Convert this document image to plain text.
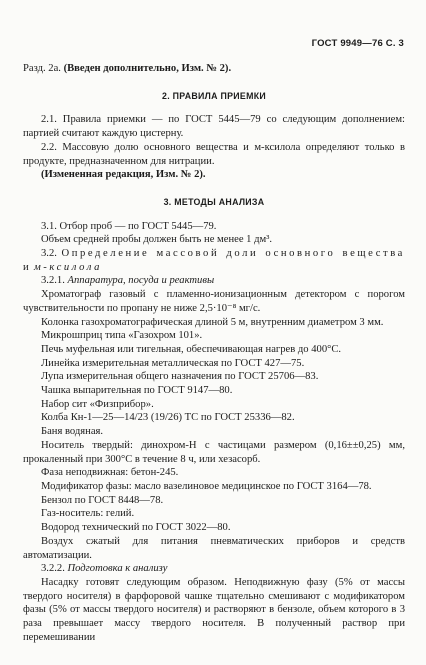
ГОСТ 9949—76 С. 3
Разд. 2а. (Введен дополнительно, Изм. № 2).
2. ПРАВИЛА ПРИЕМКИ
2.1. Правила приемки — по ГОСТ 5445—79 со следующим дополнением: партией считают каждую цистерну.
2.2. Массовую долю основного вещества и м-ксилола определяют только в продукте, предназначенном для нитрации.
(Измененная редакция, Изм. № 2).
3. МЕТОДЫ АНАЛИЗА
3.1. Отбор проб — по ГОСТ 5445—79.
Объем средней пробы должен быть не менее 1 дм³.
3.2. Определение массовой доли основного вещества и м-ксилола
3.2.1. Аппаратура, посуда и реактивы
Хроматограф газовый с пламенно-ионизационным детектором с порогом чувствительности по пропану не ниже 2,5·10⁻⁸ мг/с.
Колонка газохроматографическая длиной 5 м, внутренним диаметром 3 мм.
Микрошприц типа «Газохром 101».
Печь муфельная или тигельная, обеспечивающая нагрев до 400°С.
Линейка измерительная металлическая по ГОСТ 427—75.
Лупа измерительная общего назначения по ГОСТ 25706—83.
Чашка выпарительная по ГОСТ 9147—80.
Набор сит «Физприбор».
Колба Кн-1—25—14/23 (19/26) ТС по ГОСТ 25336—82.
Баня водяная.
Носитель твердый: динохром-Н с частицами размером (0,16±±0,25) мм, прокаленный при 300°С в течение 8 ч, или хезасорб.
Фаза неподвижная: бетон-245.
Модификатор фазы: масло вазелиновое медицинское по ГОСТ 3164—78.
Бензол по ГОСТ 8448—78.
Газ-носитель: гелий.
Водород технический по ГОСТ 3022—80.
Воздух сжатый для питания пневматических приборов и средств автоматизации.
3.2.2. Подготовка к анализу
Насадку готовят следующим образом. Неподвижную фазу (5% от массы твердого носителя) в фарфоровой чашке тщательно смешивают с модификатором фазы (5% от массы твердого носителя) и растворяют в бензоле, объем которого в 3 раза превышает массу твердого носителя. В полученный раствор при перемешивании
